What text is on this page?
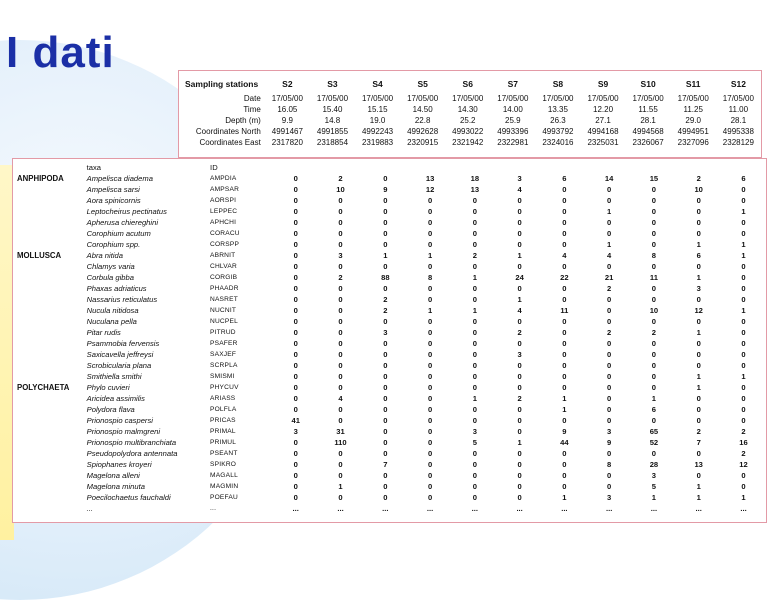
I dati
Sampling stations	S2	S3	S4	S5	S6	S7	S8	S9	S10	S11	S12
Date	17/05/00	17/05/00	17/05/00	17/05/00	17/05/00	17/05/00	17/05/00	17/05/00	17/05/00	17/05/00	17/05/00
Time	16.05	15.40	15.15	14.50	14.30	14.00	13.35	12.20	11.55	11.25	11.00
Depth (m)	9.9	14.8	19.0	22.8	25.2	25.9	26.3	27.1	28.1	29.0	28.1
Coordinates North	4991467	4991855	4992243	4992628	4993022	4993396	4993792	4994168	4994568	4994951	4995338
Coordinates East	2317820	2318854	2319883	2320915	2321942	2322981	2324016	2325031	2326067	2327096	2328129
	taxa	ID											
ANPHIPODA	Ampelisca diadema	AMPDIA	0	2	0	13	18	3	6	14	15	2	6
	Ampelisca sarsi	AMPSAR	0	10	9	12	13	4	0	0	0	10	0
	Aora spinicornis	AORSPI	0	0	0	0	0	0	0	0	0	0	0
	Leptocheirus pectinatus	LEPPEC	0	0	0	0	0	0	0	1	0	0	1
	Apherusa chiereghini	APHCHI	0	0	0	0	0	0	0	0	0	0	0
	Corophium acutum	CORACU	0	0	0	0	0	0	0	0	0	0	0
	Corophium spp.	CORSPP	0	0	0	0	0	0	0	1	0	1	1
MOLLUSCA	Abra nitida	ABRNIT	0	3	1	1	2	1	4	4	8	6	1
	Chlamys varia	CHLVAR	0	0	0	0	0	0	0	0	0	0	0
	Corbula gibba	CORGIB	0	2	88	8	1	24	22	21	11	1	0
	Phaxas adriaticus	PHAADR	0	0	0	0	0	0	0	2	0	3	0
	Nassarius reticulatus	NASRET	0	0	2	0	0	1	0	0	0	0	0
	Nucula nitidosa	NUCNIT	0	0	2	1	1	4	11	0	10	12	1
	Nuculana pella	NUCPEL	0	0	0	0	0	0	0	0	0	0	0
	Pitar rudis	PITRUD	0	0	3	0	0	2	0	2	2	1	0
	Psammobia fervensis	PSAFER	0	0	0	0	0	0	0	0	0	0	0
	Saxicavella jeffreysi	SAXJEF	0	0	0	0	0	3	0	0	0	0	0
	Scrobicularia plana	SCRPLA	0	0	0	0	0	0	0	0	0	0	0
	Smithiella smithi	SMISMI	0	0	0	0	0	0	0	0	0	1	1
POLYCHAETA	Phylo cuvieri	PHYCUV	0	0	0	0	0	0	0	0	0	1	0
	Aricidea assimilis	ARIASS	0	4	0	0	1	2	1	0	1	0	0
	Polydora flava	POLFLA	0	0	0	0	0	0	1	0	6	0	0
	Prionospio caspersi	PRICAS	41	0	0	0	0	0	0	0	0	0	0
	Prionospio malmgreni	PRIMAL	3	31	0	0	3	0	9	3	65	2	2
	Prionospio multibranchiata	PRIMUL	0	110	0	0	5	1	44	9	52	7	16
	Pseudopolydora antennata	PSEANT	0	0	0	0	0	0	0	0	0	0	2
	Spiophanes kroyeri	SPIKRO	0	0	7	0	0	0	0	8	28	13	12
	Magelona alleni	MAGALL	0	0	0	0	0	0	0	0	3	0	0
	Magelona minuta	MAGMIN	0	1	0	0	0	0	0	0	5	1	0
	Poecilochaetus fauchaldi	POEFAU	0	0	0	0	0	0	1	3	1	1	1
	...	...	...	...	...	...	...	...	...	...	...	...	...
